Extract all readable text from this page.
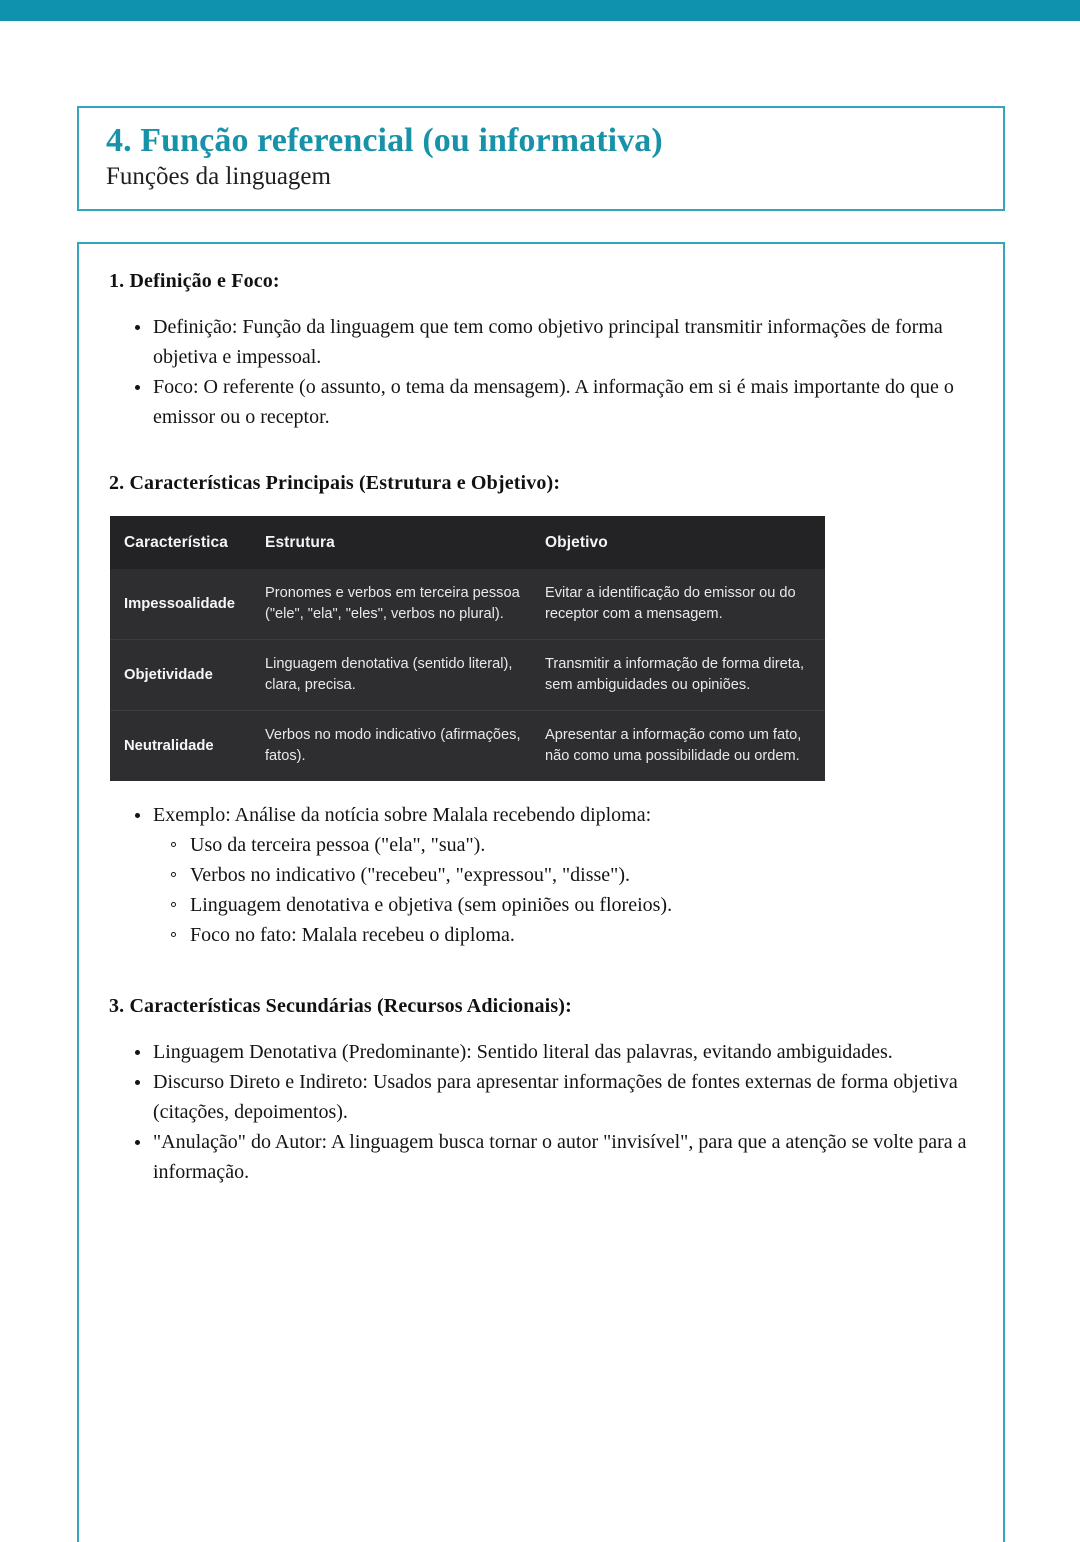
4. Função referencial (ou informativa)
Funções da linguagem
1. Definição e Foco:
Definição: Função da linguagem que tem como objetivo principal transmitir informações de forma objetiva e impessoal.
Foco: O referente (o assunto, o tema da mensagem). A informação em si é mais importante do que o emissor ou o receptor.
2. Características Principais (Estrutura e Objetivo):
Característica	Estrutura	Objetivo
Impessoalidade	Pronomes e verbos em terceira pessoa ("ele", "ela", "eles", verbos no plural).	Evitar a identificação do emissor ou do receptor com a mensagem.
Objetividade	Linguagem denotativa (sentido literal), clara, precisa.	Transmitir a informação de forma direta, sem ambiguidades ou opiniões.
Neutralidade	Verbos no modo indicativo (afirmações, fatos).	Apresentar a informação como um fato, não como uma possibilidade ou ordem.
Exemplo: Análise da notícia sobre Malala recebendo diploma:
Uso da terceira pessoa ("ela", "sua").
Verbos no indicativo ("recebeu", "expressou", "disse").
Linguagem denotativa e objetiva (sem opiniões ou floreios).
Foco no fato: Malala recebeu o diploma.
3. Características Secundárias (Recursos Adicionais):
Linguagem Denotativa (Predominante): Sentido literal das palavras, evitando ambiguidades.
Discurso Direto e Indireto: Usados para apresentar informações de fontes externas de forma objetiva (citações, depoimentos).
"Anulação" do Autor: A linguagem busca tornar o autor "invisível", para que a atenção se volte para a informação.
